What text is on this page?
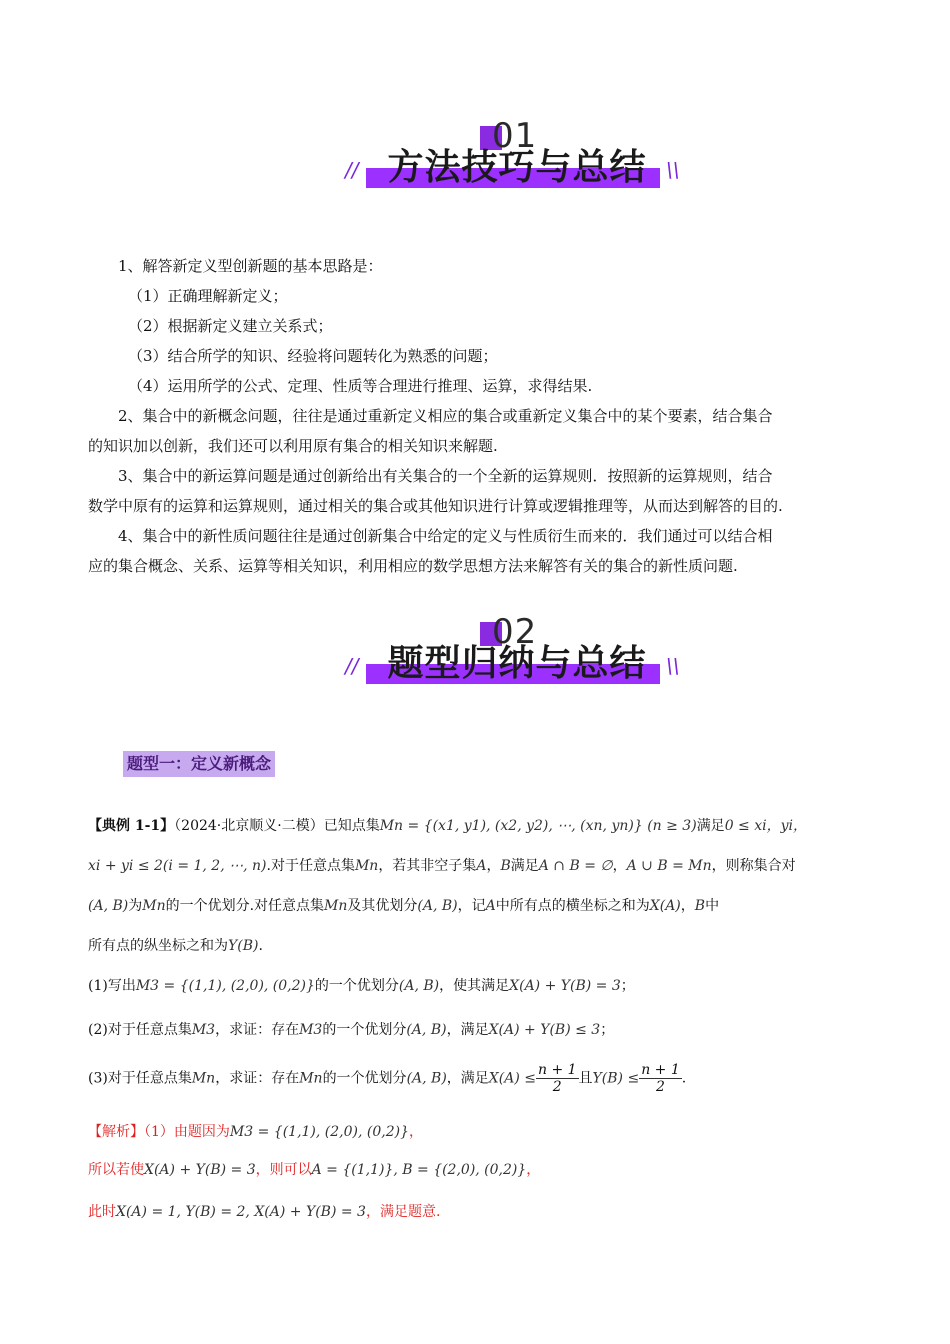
01
方法技巧与总结
//	\\
1、解答新定义型创新题的基本思路是：
（1）正确理解新定义；
（2）根据新定义建立关系式；
（3）结合所学的知识、经验将问题转化为熟悉的问题；
（4）运用所学的公式、定理、性质等合理进行推理、运算，求得结果.
2、集合中的新概念问题，往往是通过重新定义相应的集合或重新定义集合中的某个要素，结合集合
的知识加以创新，我们还可以利用原有集合的相关知识来解题.
3、集合中的新运算问题是通过创新给出有关集合的一个全新的运算规则．按照新的运算规则，结合
数学中原有的运算和运算规则，通过相关的集合或其他知识进行计算或逻辑推理等，从而达到解答的目的.
4、集合中的新性质问题往往是通过创新集合中给定的定义与性质衍生而来的．我们通过可以结合相
应的集合概念、关系、运算等相关知识，利用相应的数学思想方法来解答有关的集合的新性质问题.
02
题型归纳与总结
//	\\
题型一：定义新概念
【典例 1-1】（2024·北京顺义·二模）已知点集Mn = {(x1, y1), (x2, y2), ⋯, (xn, yn)} (n ≥ 3)满足0 ≤ xi，yi，
xi + yi ≤ 2(i = 1, 2, ⋯, n).对于任意点集Mn，若其非空子集A，B满足A ∩ B = ∅，A ∪ B = Mn，则称集合对
(A, B)为Mn的一个优划分.对任意点集Mn及其优划分(A, B)，记A中所有点的横坐标之和为X(A)，B中
所有点的纵坐标之和为Y(B).
(1)写出M3 = {(1,1), (2,0), (0,2)}的一个优划分(A, B)，使其满足X(A) + Y(B) = 3；
(2)对于任意点集M3，求证：存在M3的一个优划分(A, B)，满足X(A) + Y(B) ≤ 3；
(3)对于任意点集Mn，求证：存在Mn的一个优划分(A, B)，满足$X(A) \le \frac{n + 1}{2}$ 且$Y(B) \le \frac{n + 1}{2}$ .
【解析】（1）由题因为M3 = {(1,1), (2,0), (0,2)}，
所以若使X(A) + Y(B) = 3，则可以A = {(1,1)}, B = {(2,0), (0,2)}，
此时X(A) = 1, Y(B) = 2, X(A) + Y(B) = 3，满足题意.
